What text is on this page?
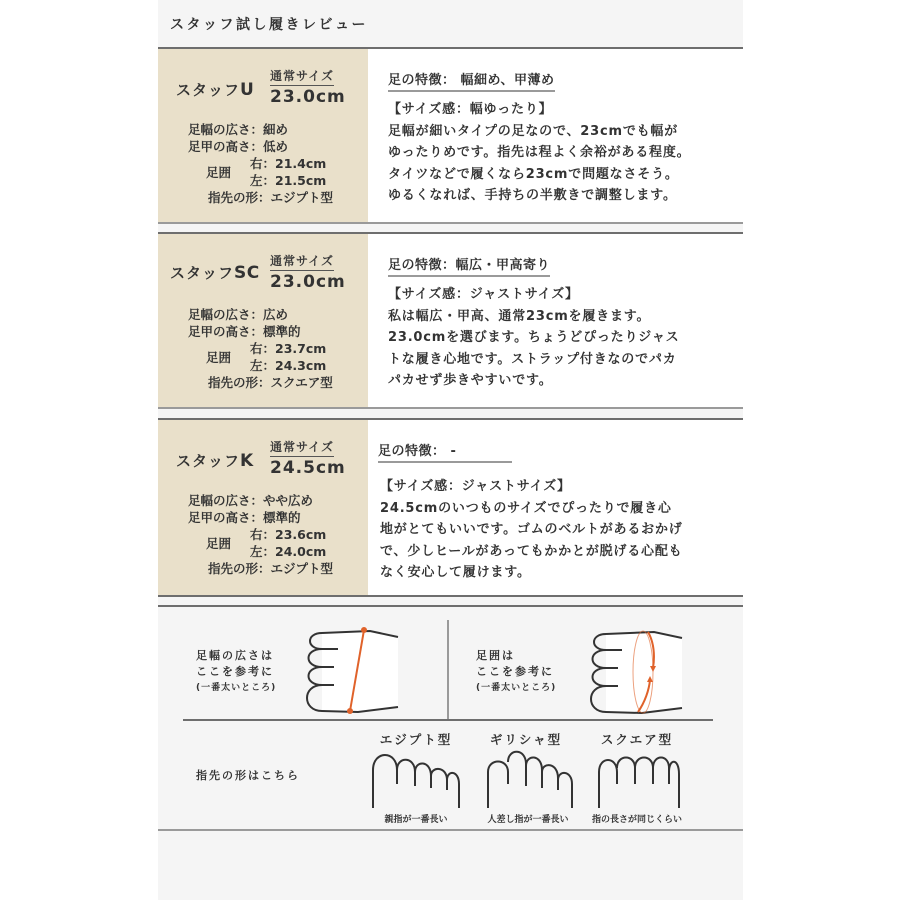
スタッフ試し履きレビュー
スタッフU
通常サイズ
23.0cm
足幅の広さ：細め
足甲の高さ：低め
足囲
右：21.4cm
左：21.5cm
指先の形：エジプト型
足の特徴： 幅細め、甲薄め
【サイズ感：幅ゆったり】
足幅が細いタイプの足なので、23cmでも幅が
ゆったりめです。指先は程よく余裕がある程度。
タイツなどで履くなら23cmで問題なさそう。
ゆるくなれば、手持ちの半敷きで調整します。
スタッフSC
通常サイズ
23.0cm
足幅の広さ：広め
足甲の高さ：標準的
足囲
右：23.7cm
左：24.3cm
指先の形：スクエア型
足の特徴：幅広・甲高寄り
【サイズ感：ジャストサイズ】
私は幅広・甲高、通常23cmを履きます。
23.0cmを選びます。ちょうどぴったりジャス
トな履き心地です。ストラップ付きなのでパカ
パカせず歩きやすいです。
スタッフK
通常サイズ
24.5cm
足幅の広さ：やや広め
足甲の高さ：標準的
足囲
右：23.6cm
左：24.0cm
指先の形：エジプト型
足の特徴： -
【サイズ感：ジャストサイズ】
24.5cmのいつものサイズでぴったりで履き心
地がとてもいいです。ゴムのベルトがあるおかげ
で、少しヒールがあってもかかとが脱げる心配も
なく安心して履けます。
足幅の広さは
ここを参考に
(一番太いところ)
足囲は
ここを参考に
(一番太いところ)
指先の形はこちら
エジプト型
親指が一番長い
ギリシャ型
人差し指が一番長い
スクエア型
指の長さが同じくらい
